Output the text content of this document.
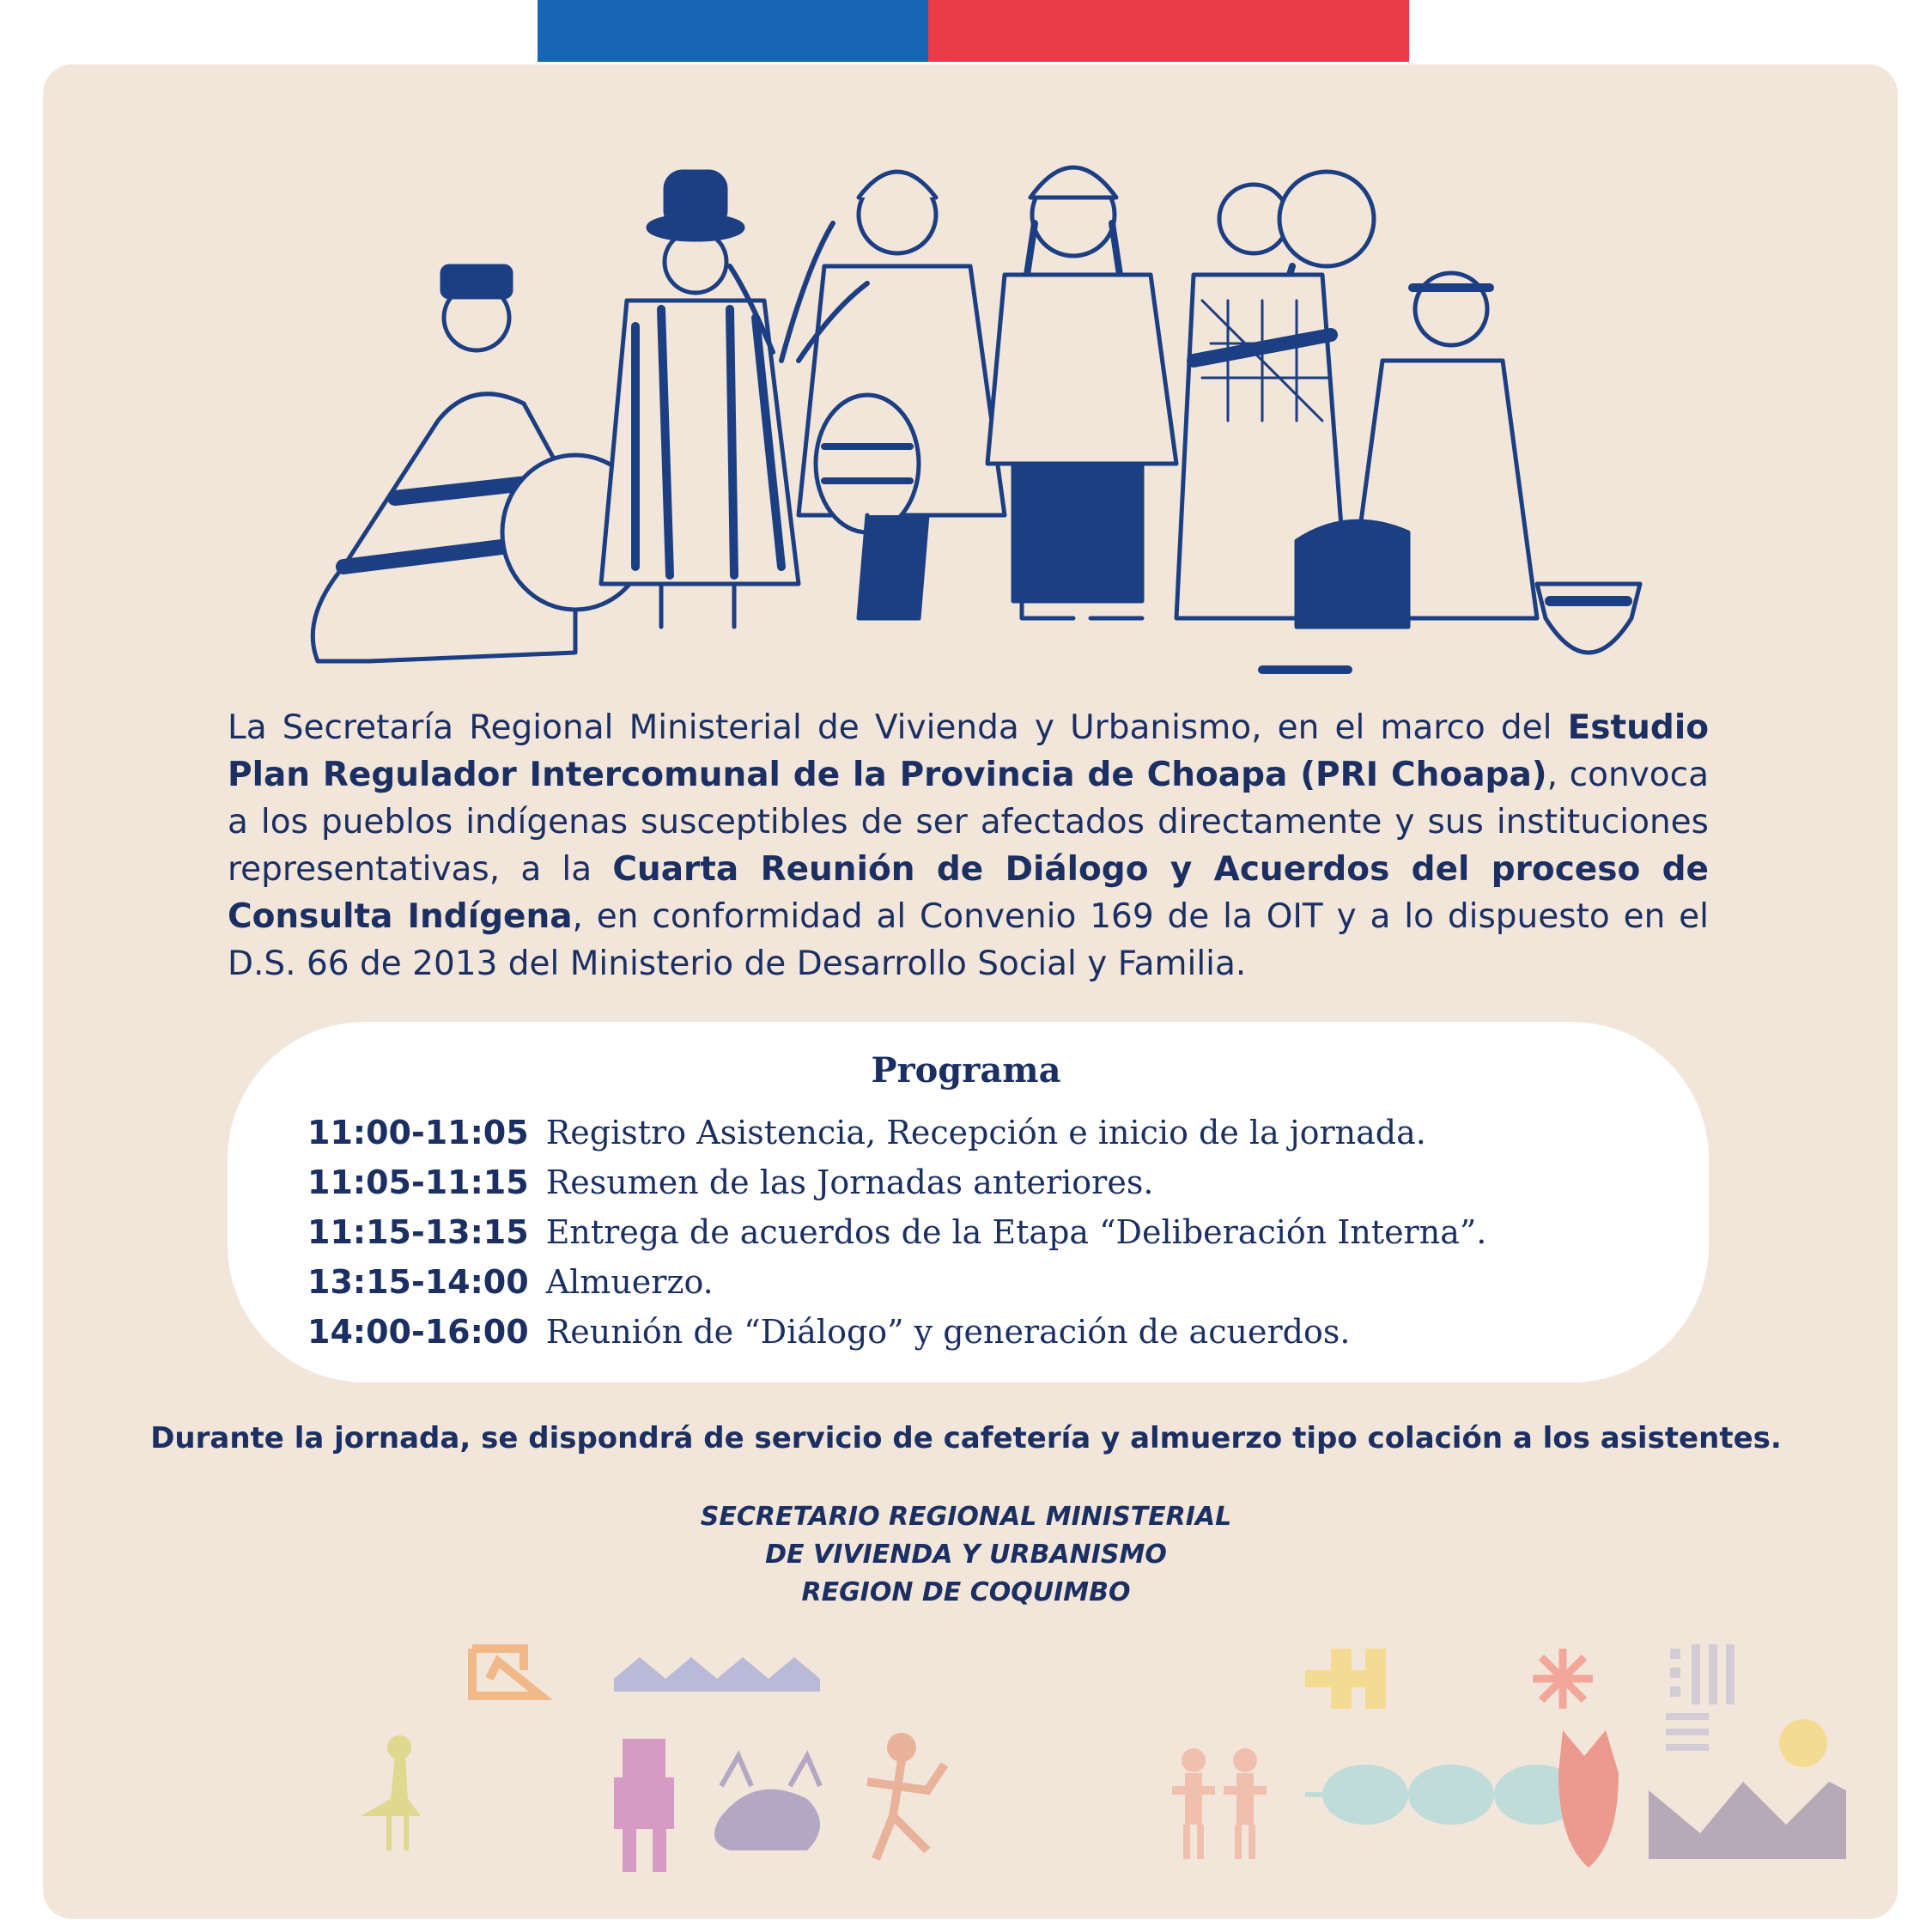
La Secretaría Regional Ministerial de Vivienda y Urbanismo, en el marco del Estudio Plan Regulador Intercomunal de la Provincia de Choapa (PRI Choapa), convoca a los pueblos indígenas susceptibles de ser afectados directamente y sus instituciones representativas, a la Cuarta Reunión de Diálogo y Acuerdos del proceso de Consulta Indígena, en conformidad al Convenio 169 de la OIT y a lo dispuesto en el D.S. 66 de 2013 del Ministerio de Desarrollo Social y Familia.
Programa
11:00-11:05 Registro Asistencia, Recepción e inicio de la jornada.
11:05-11:15 Resumen de las Jornadas anteriores.
11:15-13:15 Entrega de acuerdos de la Etapa “Deliberación Interna”.
13:15-14:00 Almuerzo.
14:00-16:00 Reunión de “Diálogo” y generación de acuerdos.
Durante la jornada, se dispondrá de servicio de cafetería y almuerzo tipo colación a los asistentes.
SECRETARIO REGIONAL MINISTERIAL
DE VIVIENDA Y URBANISMO
REGION DE COQUIMBO
